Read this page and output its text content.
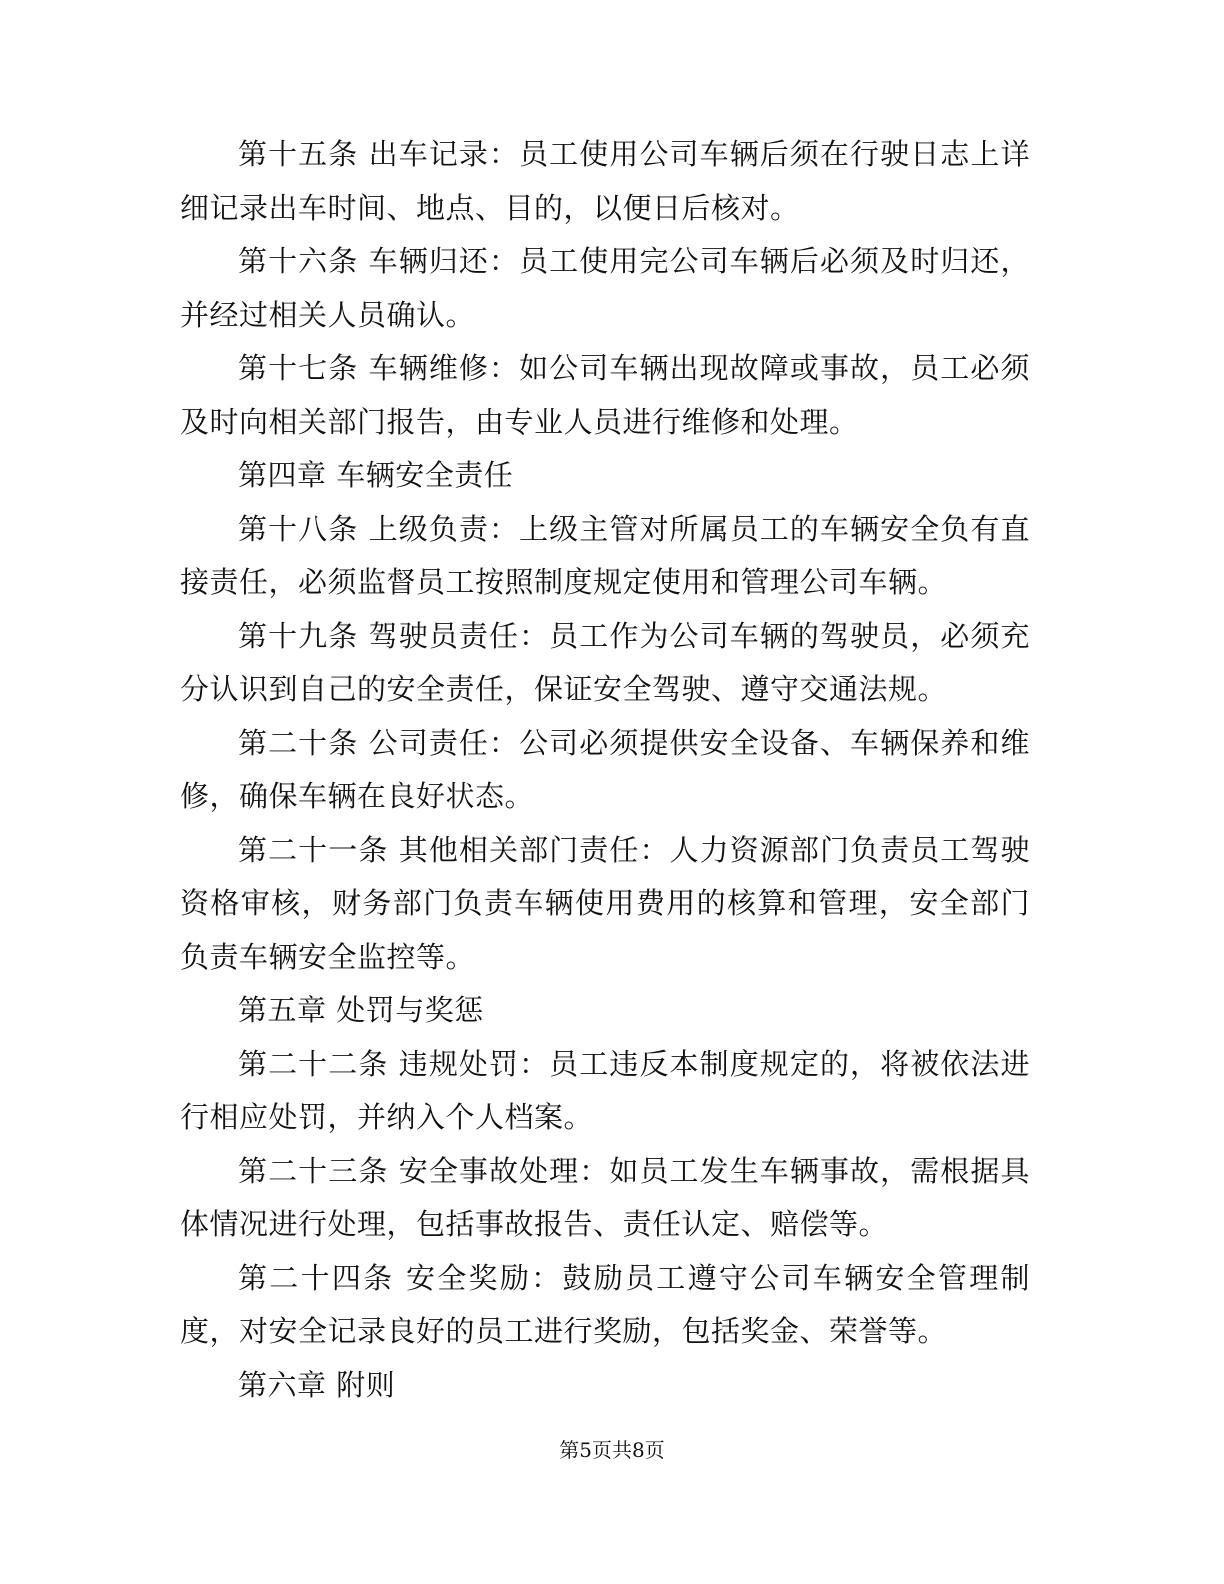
第十五条 出车记录：员工使用公司车辆后须在行驶日志上详细记录出车时间、地点、目的，以便日后核对。

第十六条 车辆归还：员工使用完公司车辆后必须及时归还，并经过相关人员确认。

第十七条 车辆维修：如公司车辆出现故障或事故，员工必须及时向相关部门报告，由专业人员进行维修和处理。

第四章 车辆安全责任

第十八条 上级负责：上级主管对所属员工的车辆安全负有直接责任，必须监督员工按照制度规定使用和管理公司车辆。

第十九条 驾驶员责任：员工作为公司车辆的驾驶员，必须充分认识到自己的安全责任，保证安全驾驶、遵守交通法规。

第二十条 公司责任：公司必须提供安全设备、车辆保养和维修，确保车辆在良好状态。

第二十一条 其他相关部门责任：人力资源部门负责员工驾驶资格审核，财务部门负责车辆使用费用的核算和管理，安全部门负责车辆安全监控等。

第五章 处罚与奖惩

第二十二条 违规处罚：员工违反本制度规定的，将被依法进行相应处罚，并纳入个人档案。

第二十三条 安全事故处理：如员工发生车辆事故，需根据具体情况进行处理，包括事故报告、责任认定、赔偿等。

第二十四条 安全奖励：鼓励员工遵守公司车辆安全管理制度，对安全记录良好的员工进行奖励，包括奖金、荣誉等。

第六章 附则

第5页共8页
